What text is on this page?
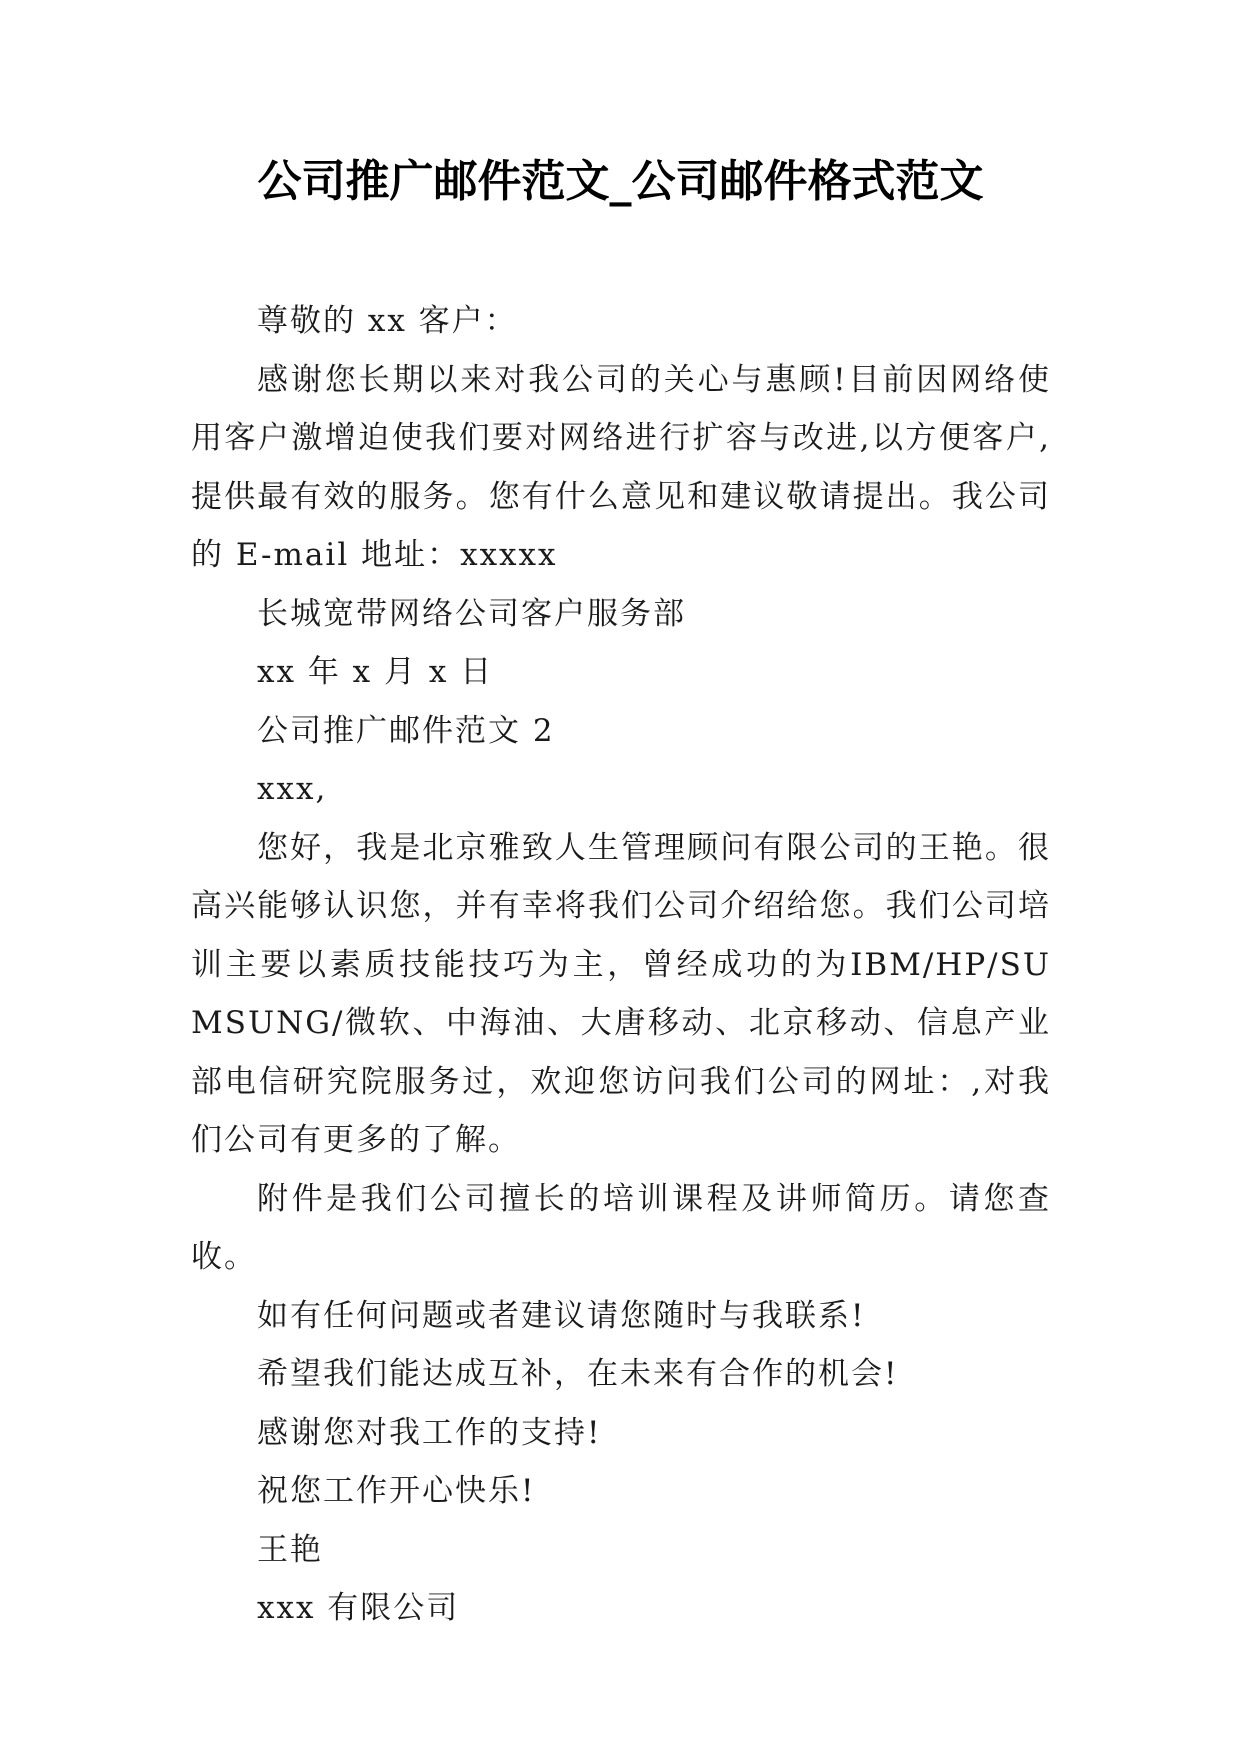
公司推广邮件范文_公司邮件格式范文

尊敬的 xx 客户：

感谢您长期以来对我公司的关心与惠顾!目前因网络使用客户激增迫使我们要对网络进行扩容与改进,以方便客户,提供最有效的服务。您有什么意见和建议敬请提出。我公司的 E-mail 地址：xxxxx

长城宽带网络公司客户服务部

xx 年 x 月 x 日

公司推广邮件范文 2

xxx,

您好，我是北京雅致人生管理顾问有限公司的王艳。很高兴能够认识您，并有幸将我们公司介绍给您。我们公司培训主要以素质技能技巧为主，曾经成功的为IBM/HP/SUMSUNG/微软、中海油、大唐移动、北京移动、信息产业部电信研究院服务过，欢迎您访问我们公司的网址：,对我们公司有更多的了解。

附件是我们公司擅长的培训课程及讲师简历。请您查收。

如有任何问题或者建议请您随时与我联系!

希望我们能达成互补，在未来有合作的机会!

感谢您对我工作的支持!

祝您工作开心快乐!

王艳

xxx 有限公司
